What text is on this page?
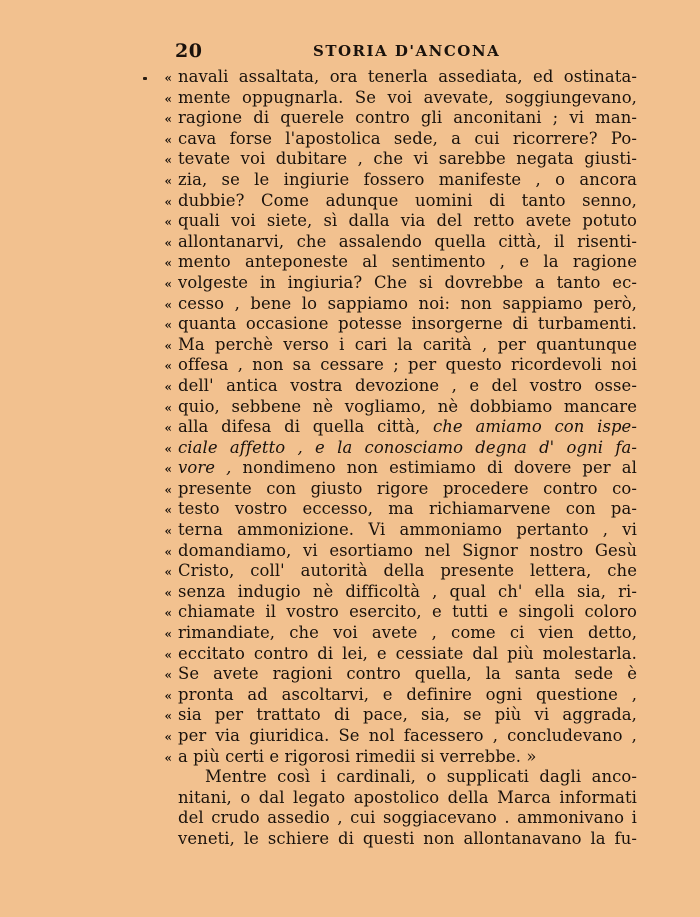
20	STORIA D'ANCONA
« navali assaltata, ora tenerla assediata, ed ostinata-
« mente oppugnarla. Se voi avevate, soggiungevano,
« ragione di querele contro gli anconitani ; vi man-
« cava forse l'apostolica sede, a cui ricorrere? Po-
« tevate voi dubitare , che vi sarebbe negata giusti-
« zia, se le ingiurie fossero manifeste , o ancora
« dubbie? Come adunque uomini di tanto senno,
« quali voi siete, sì dalla via del retto avete potuto
« allontanarvi, che assalendo quella città, il risenti-
« mento anteponeste al sentimento , e la ragione
« volgeste in ingiuria? Che si dovrebbe a tanto ec-
« cesso , bene lo sappiamo noi: non sappiamo però,
« quanta occasione potesse insorgerne di turbamenti.
« Ma perchè verso i cari la carità , per quantunque
« offesa , non sa cessare ; per questo ricordevoli noi
« dell' antica vostra devozione , e del vostro osse-
« quio, sebbene nè vogliamo, nè dobbiamo mancare
« alla difesa di quella città, che amiamo con ispe-
« ciale affetto , e la conosciamo degna d' ogni fa-
« vore , nondimeno non estimiamo di dovere per al
« presente con giusto rigore procedere contro co-
« testo vostro eccesso, ma richiamarvene con pa-
« terna ammonizione. Vi ammoniamo pertanto , vi
« domandiamo, vi esortiamo nel Signor nostro Gesù
« Cristo, coll' autorità della presente lettera, che
« senza indugio nè difficoltà , qual ch' ella sia, ri-
« chiamate il vostro esercito, e tutti e singoli coloro
« rimandiate, che voi avete , come ci vien detto,
« eccitato contro di lei, e cessiate dal più molestarla.
« Se avete ragioni contro quella, la santa sede è
« pronta ad ascoltarvi, e definire ogni questione ,
« sia per trattato di pace, sia, se più vi aggrada,
« per via giuridica. Se nol facessero , concludevano ,
« a più certi e rigorosi rimedii si verrebbe. »
Mentre così i cardinali, o supplicati dagli anco-
nitani, o dal legato apostolico della Marca informati
del crudo assedio , cui soggiacevano . ammonivano i
veneti, le schiere di questi non allontanavano la fu-
